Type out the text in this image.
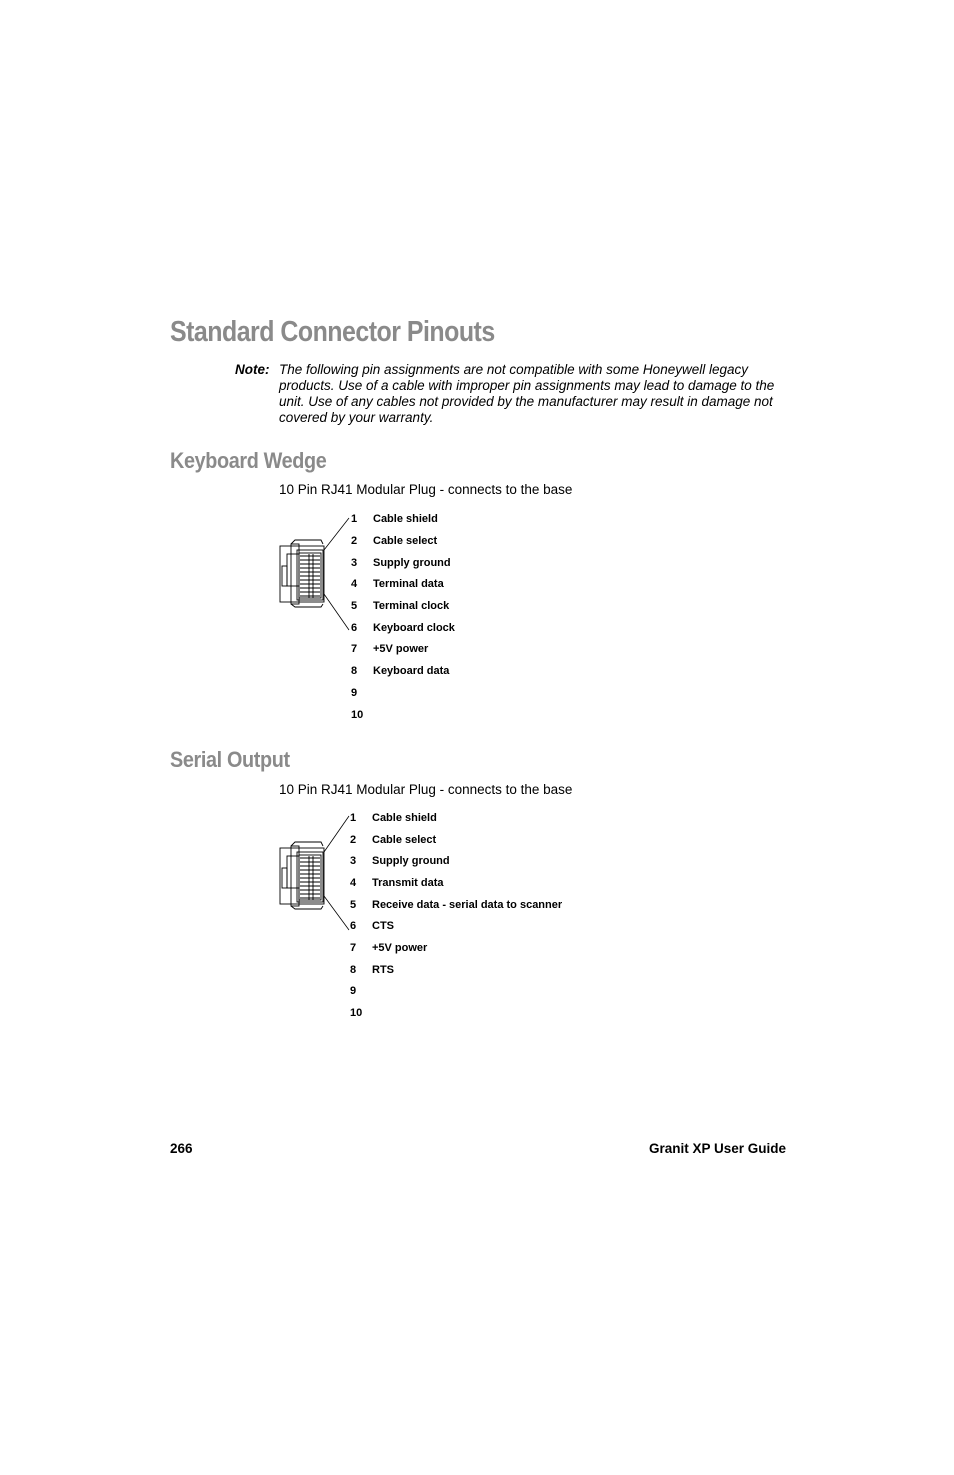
Standard Connector Pinouts
Note: The following pin assignments are not compatible with some Honeywell legacy products. Use of a cable with improper pin assignments may lead to damage to the unit. Use of any cables not provided by the manufacturer may result in damage not covered by your warranty.
Keyboard Wedge
10 Pin RJ41 Modular Plug - connects to the base
1 Cable shield
2 Cable select
3 Supply ground
4 Terminal data
5 Terminal clock
6 Keyboard clock
7 +5V power
8 Keyboard data
9
10
Serial Output
10 Pin RJ41 Modular Plug - connects to the base
1 Cable shield
2 Cable select
3 Supply ground
4 Transmit data
5 Receive data - serial data to scanner
6 CTS
7 +5V power
8 RTS
9
10
266	Granit XP User Guide
